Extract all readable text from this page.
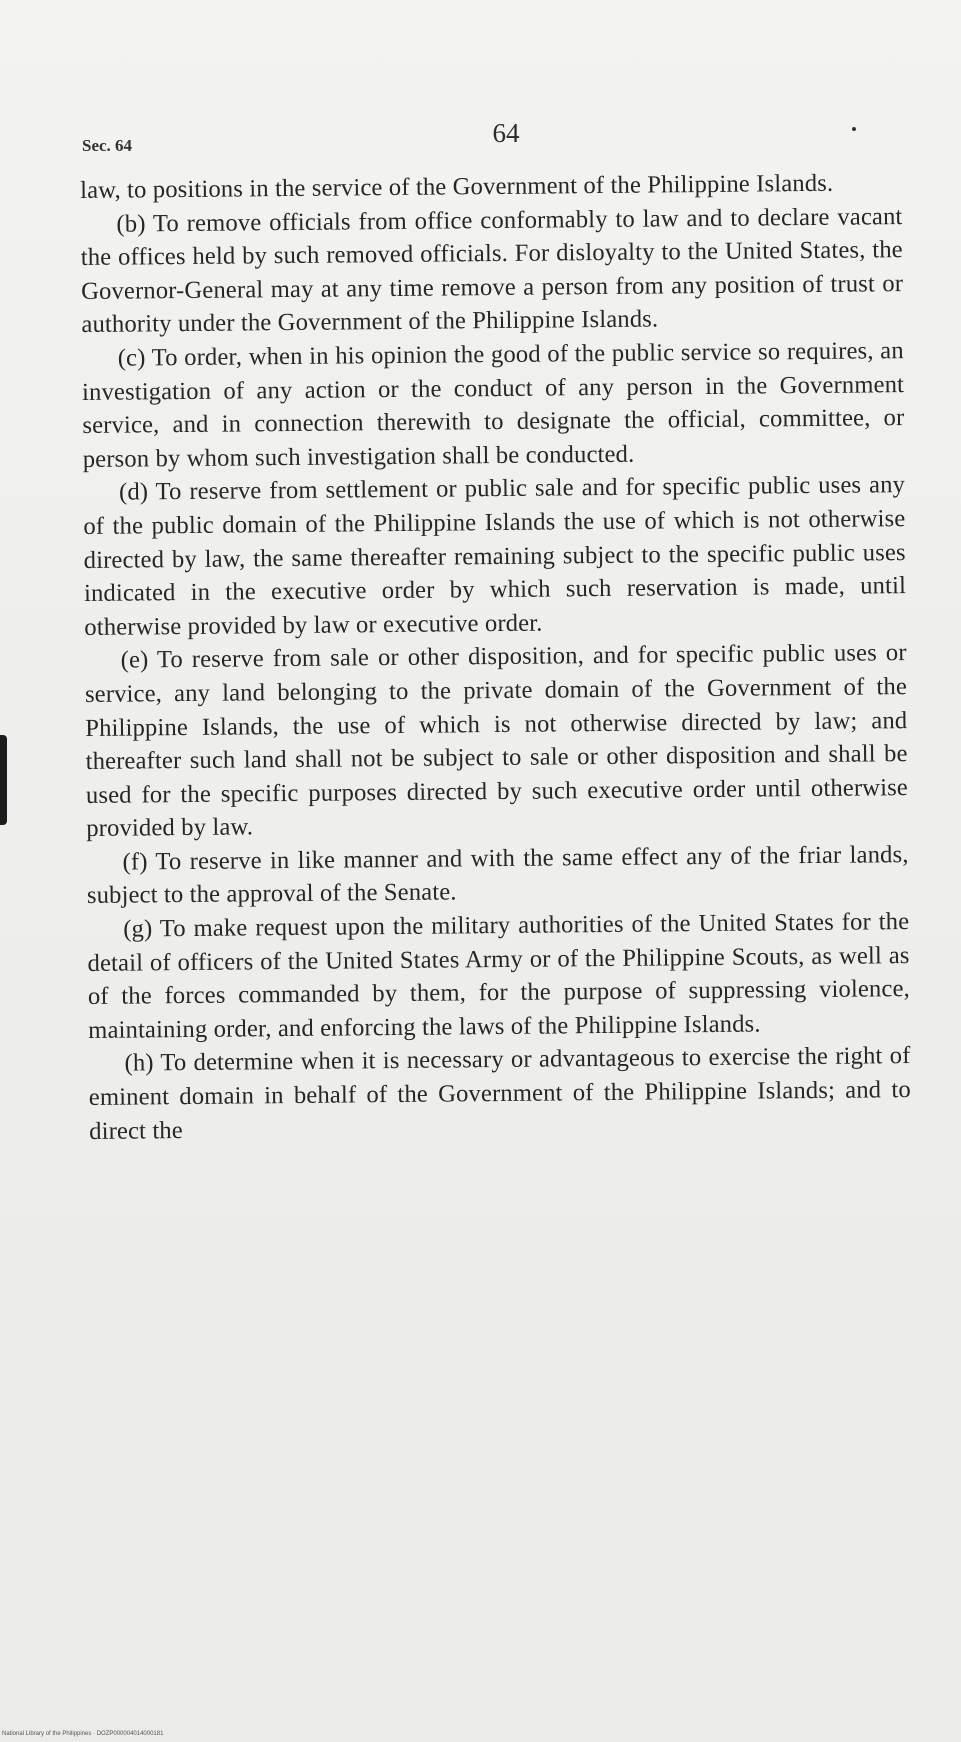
Sec. 64	64

law, to positions in the service of the Government of the Philippine Islands.

(b) To remove officials from office conformably to law and to declare vacant the offices held by such removed officials. For disloyalty to the United States, the Governor-General may at any time remove a person from any position of trust or authority under the Government of the Philippine Islands.

(c) To order, when in his opinion the good of the public service so requires, an investigation of any action or the conduct of any person in the Government service, and in connection therewith to designate the official, committee, or person by whom such investigation shall be conducted.

(d) To reserve from settlement or public sale and for specific public uses any of the public domain of the Philippine Islands the use of which is not otherwise directed by law, the same thereafter remaining subject to the specific public uses indicated in the executive order by which such reservation is made, until otherwise provided by law or executive order.

(e) To reserve from sale or other disposition, and for specific public uses or service, any land belonging to the private domain of the Government of the Philippine Islands, the use of which is not otherwise directed by law; and thereafter such land shall not be subject to sale or other disposition and shall be used for the specific purposes directed by such executive order until otherwise provided by law.

(f) To reserve in like manner and with the same effect any of the friar lands, subject to the approval of the Senate.

(g) To make request upon the military authorities of the United States for the detail of officers of the United States Army or of the Philippine Scouts, as well as of the forces commanded by them, for the purpose of suppressing violence, maintaining order, and enforcing the laws of the Philippine Islands.

(h) To determine when it is necessary or advantageous to exercise the right of eminent domain in behalf of the Government of the Philippine Islands; and to direct the

National Library of the Philippines · DOZP000004014000181
